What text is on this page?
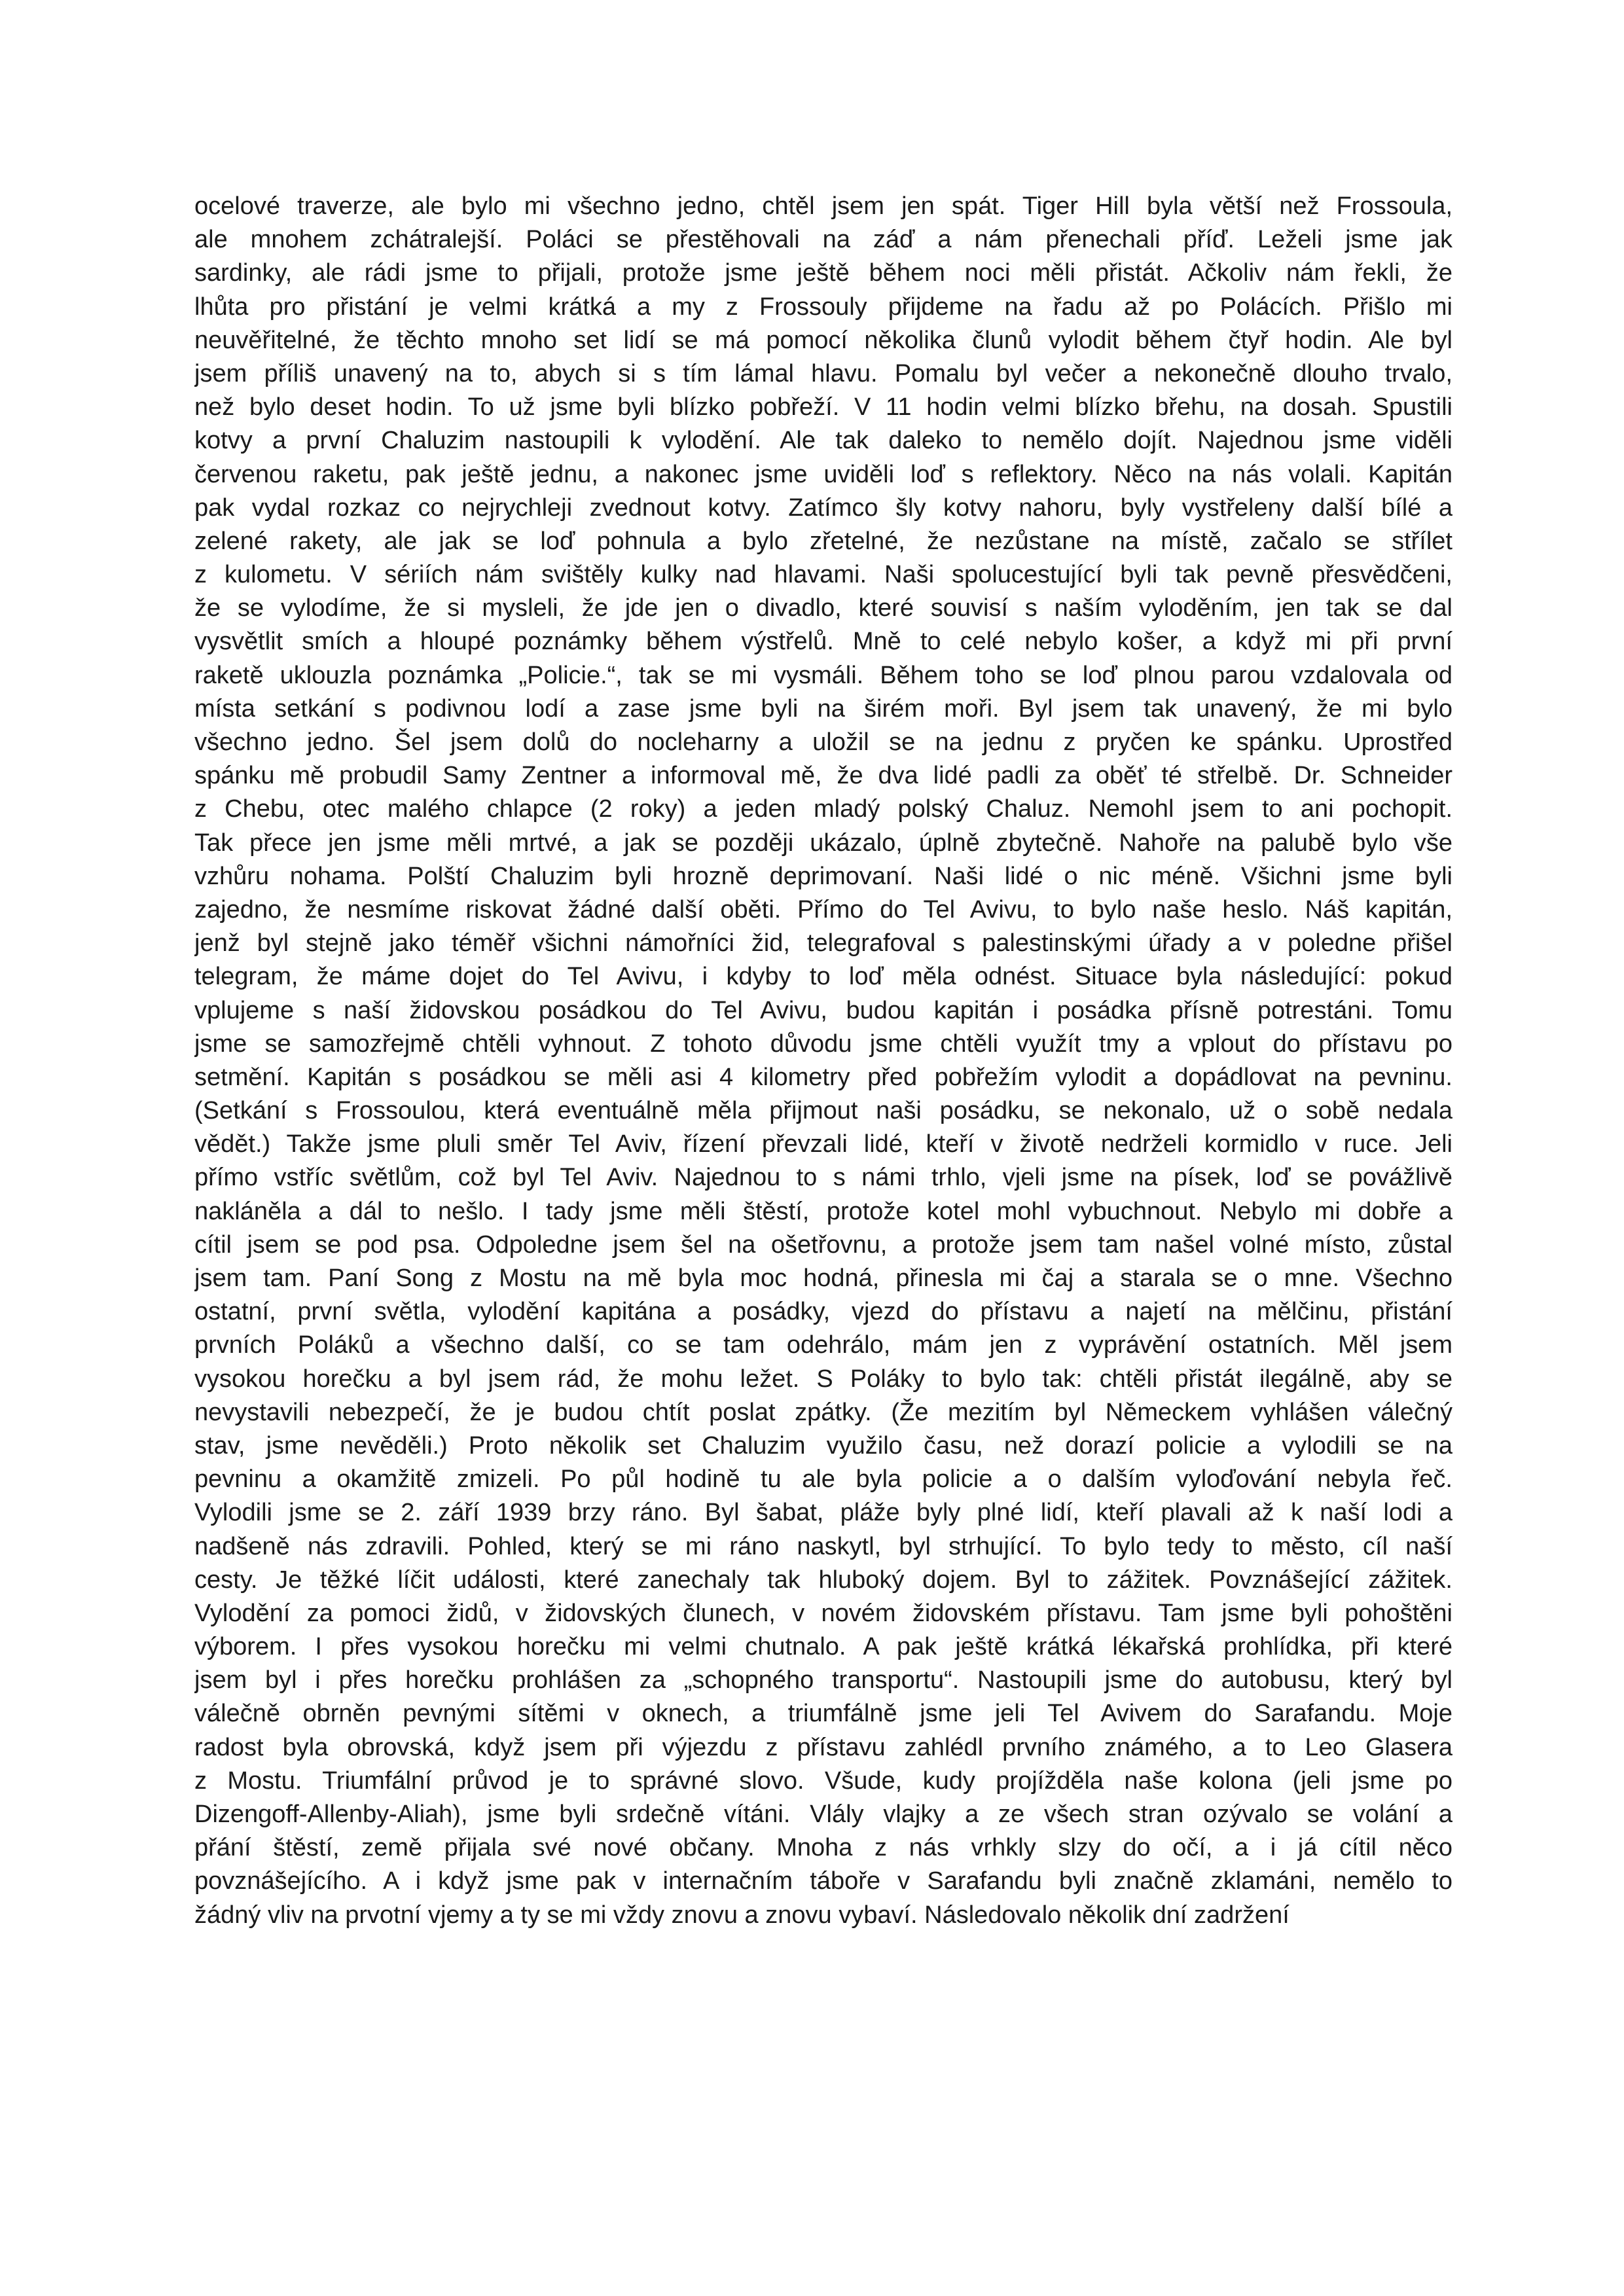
ocelové traverze, ale bylo mi všechno jedno, chtěl jsem jen spát. Tiger Hill byla větší než Frossoula,
ale mnohem zchátralejší. Poláci se přestěhovali na záď a nám přenechali příď. Leželi jsme jak
sardinky, ale rádi jsme to přijali, protože jsme ještě během noci měli přistát. Ačkoliv nám řekli, že
lhůta pro přistání je velmi krátká a my z Frossouly přijdeme na řadu až po Polácích. Přišlo mi
neuvěřitelné, že těchto mnoho set lidí se má pomocí několika člunů vylodit během čtyř hodin. Ale byl
jsem příliš unavený na to, abych si s tím lámal hlavu. Pomalu byl večer a nekonečně dlouho trvalo,
než bylo deset hodin. To už jsme byli blízko pobřeží. V 11 hodin velmi blízko břehu, na dosah. Spustili
kotvy a první Chaluzim nastoupili k vylodění. Ale tak daleko to nemělo dojít. Najednou jsme viděli
červenou raketu, pak ještě jednu, a nakonec jsme uviděli loď s reflektory. Něco na nás volali. Kapitán
pak vydal rozkaz co nejrychleji zvednout kotvy. Zatímco šly kotvy nahoru, byly vystřeleny další bílé a
zelené rakety, ale jak se loď pohnula a bylo zřetelné, že nezůstane na místě, začalo se střílet
z kulometu. V sériích nám svištěly kulky nad hlavami. Naši spolucestující byli tak pevně přesvědčeni,
že se vylodíme, že si mysleli, že jde jen o divadlo, které souvisí s naším vyloděním, jen tak se dal
vysvětlit smích a hloupé poznámky během výstřelů. Mně to celé nebylo košer, a když mi při první
raketě uklouzla poznámka „Policie.“, tak se mi vysmáli. Během toho se loď plnou parou vzdalovala od
místa setkání s podivnou lodí a zase jsme byli na širém moři. Byl jsem tak unavený, že mi bylo
všechno jedno. Šel jsem dolů do nocleharny a uložil se na jednu z pryčen ke spánku. Uprostřed
spánku mě probudil Samy Zentner a informoval mě, že dva lidé padli za oběť té střelbě. Dr. Schneider
z Chebu, otec malého chlapce (2 roky) a jeden mladý polský Chaluz. Nemohl jsem to ani pochopit.
Tak přece jen jsme měli mrtvé, a jak se později ukázalo, úplně zbytečně. Nahoře na palubě bylo vše
vzhůru nohama. Polští Chaluzim byli hrozně deprimovaní. Naši lidé o nic méně. Všichni jsme byli
zajedno, že nesmíme riskovat žádné další oběti. Přímo do Tel Avivu, to bylo naše heslo. Náš kapitán,
jenž byl stejně jako téměř všichni námořníci žid, telegrafoval s palestinskými úřady a v poledne přišel
telegram, že máme dojet do Tel Avivu, i kdyby to loď měla odnést. Situace byla následující: pokud
vplujeme s naší židovskou posádkou do Tel Avivu, budou kapitán i posádka přísně potrestáni. Tomu
jsme se samozřejmě chtěli vyhnout. Z tohoto důvodu jsme chtěli využít tmy a vplout do přístavu po
setmění. Kapitán s posádkou se měli asi 4 kilometry před pobřežím vylodit a dopádlovat na pevninu.
(Setkání s Frossoulou, která eventuálně měla přijmout naši posádku, se nekonalo, už o sobě nedala
vědět.) Takže jsme pluli směr Tel Aviv, řízení převzali lidé, kteří v životě nedrželi kormidlo v ruce. Jeli
přímo vstříc světlům, což byl Tel Aviv. Najednou to s námi trhlo, vjeli jsme na písek, loď se povážlivě
nakláněla a dál to nešlo. I tady jsme měli štěstí, protože kotel mohl vybuchnout. Nebylo mi dobře a
cítil jsem se pod psa. Odpoledne jsem šel na ošetřovnu, a protože jsem tam našel volné místo, zůstal
jsem tam. Paní Song z Mostu na mě byla moc hodná, přinesla mi čaj a starala se o mne. Všechno
ostatní, první světla, vylodění kapitána a posádky, vjezd do přístavu a najetí na mělčinu, přistání
prvních Poláků a všechno další, co se tam odehrálo, mám jen z vyprávění ostatních. Měl jsem
vysokou horečku a byl jsem rád, že mohu ležet. S Poláky to bylo tak: chtěli přistát ilegálně, aby se
nevystavili nebezpečí, že je budou chtít poslat zpátky. (Že mezitím byl Německem vyhlášen válečný
stav, jsme nevěděli.) Proto několik set Chaluzim využilo času, než dorazí policie a vylodili se na
pevninu a okamžitě zmizeli. Po půl hodině tu ale byla policie a o dalším vyloďování nebyla řeč.
Vylodili jsme se 2. září 1939 brzy ráno. Byl šabat, pláže byly plné lidí, kteří plavali až k naší lodi a
nadšeně nás zdravili. Pohled, který se mi ráno naskytl, byl strhující. To bylo tedy to město, cíl naší
cesty. Je těžké líčit události, které zanechaly tak hluboký dojem. Byl to zážitek. Povznášející zážitek.
Vylodění za pomoci židů, v židovských člunech, v novém židovském přístavu. Tam jsme byli pohoštěni
výborem. I přes vysokou horečku mi velmi chutnalo. A pak ještě krátká lékařská prohlídka, při které
jsem byl i přes horečku prohlášen za „schopného transportu“. Nastoupili jsme do autobusu, který byl
válečně obrněn pevnými sítěmi v oknech, a triumfálně jsme jeli Tel Avivem do Sarafandu. Moje
radost byla obrovská, když jsem při výjezdu z přístavu zahlédl prvního známého, a to Leo Glasera
z Mostu. Triumfální průvod je to správné slovo. Všude, kudy projížděla naše kolona (jeli jsme po
Dizengoff-Allenby-Aliah), jsme byli srdečně vítáni. Vlály vlajky a ze všech stran ozývalo se volání a
přání štěstí, země přijala své nové občany. Mnoha z nás vrhkly slzy do očí, a i já cítil něco
povznášejícího. A i když jsme pak v internačním táboře v Sarafandu byli značně zklamáni, nemělo to
žádný vliv na prvotní vjemy a ty se mi vždy znovu a znovu vybaví. Následovalo několik dní zadržení
